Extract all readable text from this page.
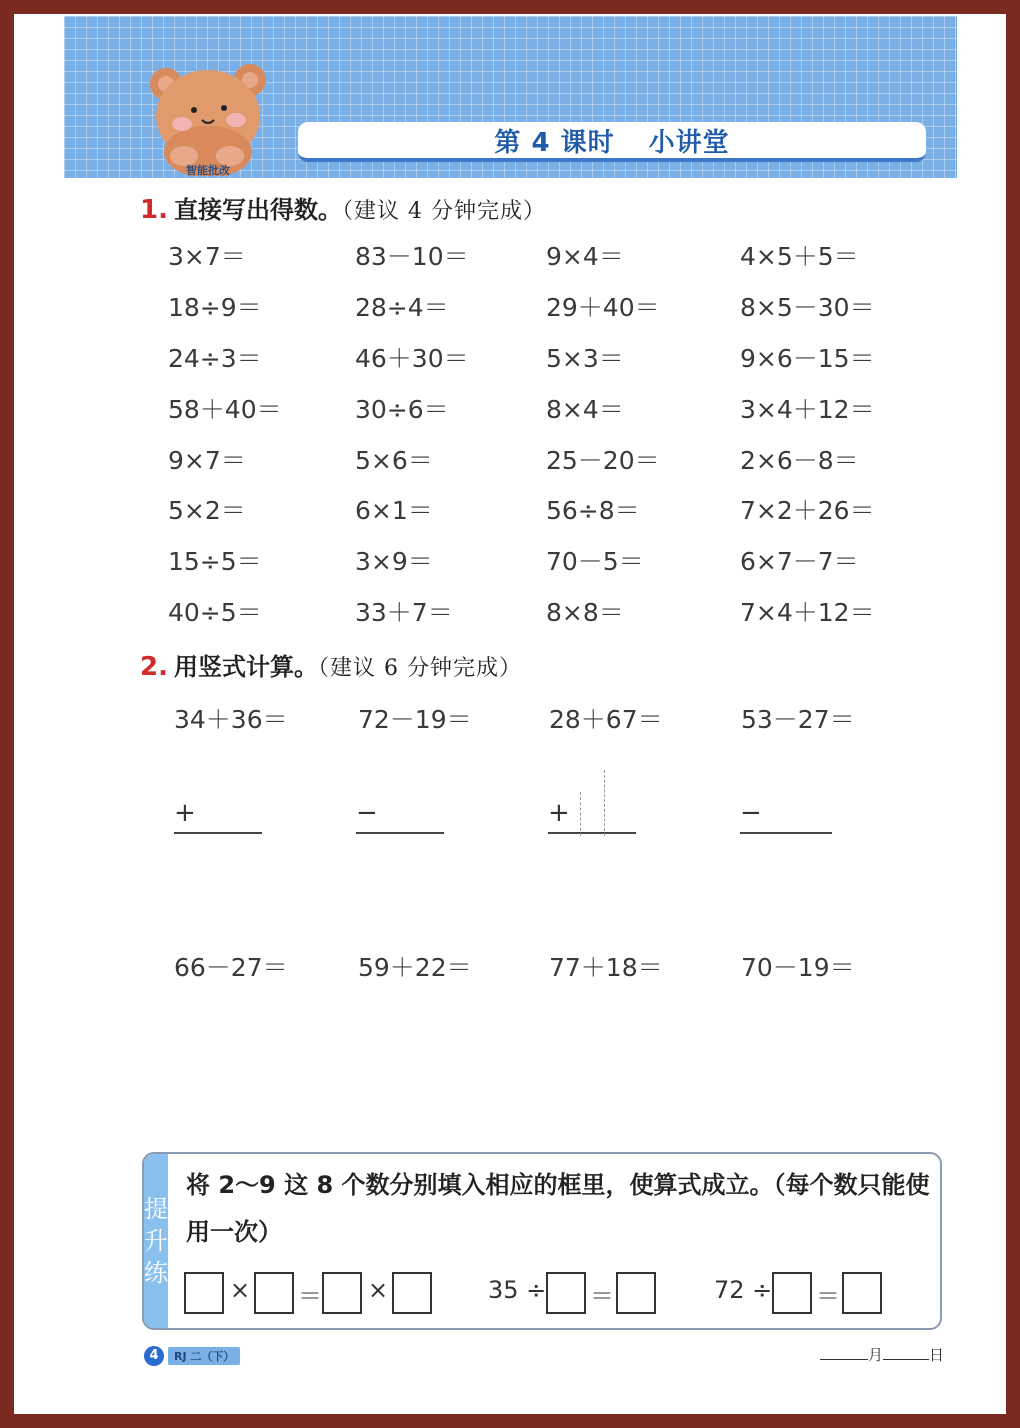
智能批改
第 4 课时 小讲堂
1. 直接写出得数。（建议 4 分钟完成）
3×7＝	83－10＝	9×4＝	4×5＋5＝
18÷9＝	28÷4＝	29＋40＝	8×5－30＝
24÷3＝	46＋30＝	5×3＝	9×6－15＝
58＋40＝	30÷6＝	8×4＝	3×4＋12＝
9×7＝	5×6＝	25－20＝	2×6－8＝
5×2＝	6×1＝	56÷8＝	7×2＋26＝
15÷5＝	3×9＝	70－5＝	6×7－7＝
40÷5＝	33＋7＝	8×8＝	7×4＋12＝
2. 用竖式计算。（建议 6 分钟完成）
34＋36＝	72－19＝	28＋67＝	53－27＝
+	−	+	−
66－27＝	59＋22＝	77＋18＝	70－19＝
提
升
练
将 2～9 这 8 个数分别填入相应的框里，使算式成立。（每个数只能使用一次）
× ＝ ×	35 ÷ ＝	72 ÷ ＝
4	RJ 二（下）	月	日
